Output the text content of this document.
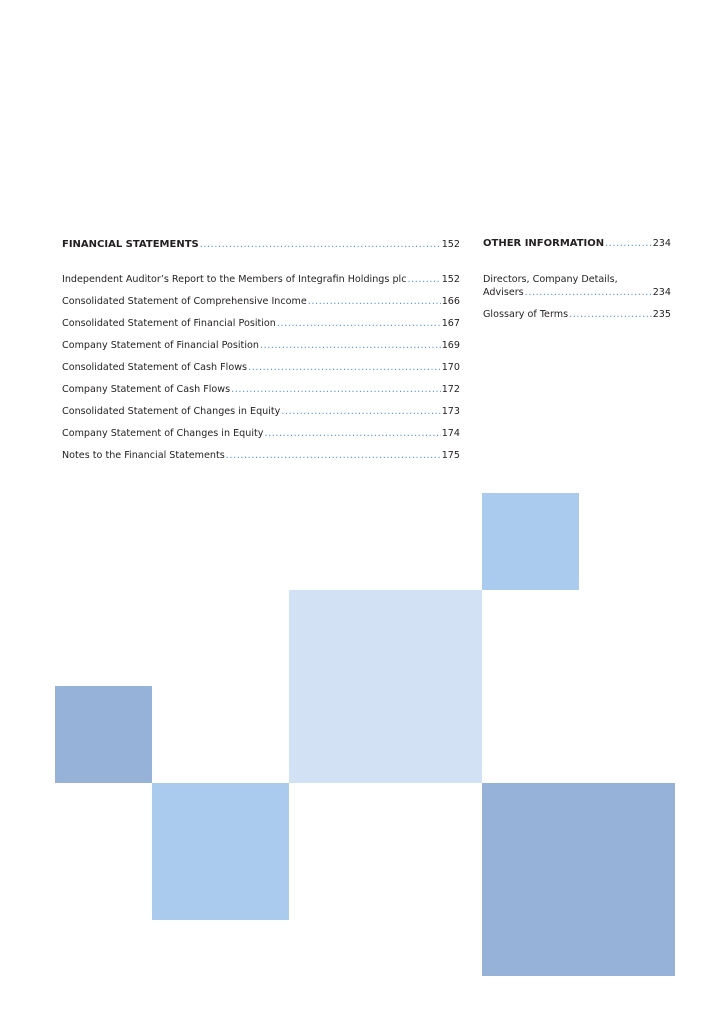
FINANCIAL STATEMENTS .....	152
Independent Auditor’s Report to the Members of Integrafin Holdings plc .....	152
Consolidated Statement of Comprehensive Income .....	166
Consolidated Statement of Financial Position .....	167
Company Statement of Financial Position .....	169
Consolidated Statement of Cash Flows .....	170
Company Statement of Cash Flows .....	172
Consolidated Statement of Changes in Equity .....	173
Company Statement of Changes in Equity .....	174
Notes to the Financial Statements .....	175
OTHER INFORMATION .....	234
Directors, Company Details,
Advisers .....	234
Glossary of Terms .....	235
